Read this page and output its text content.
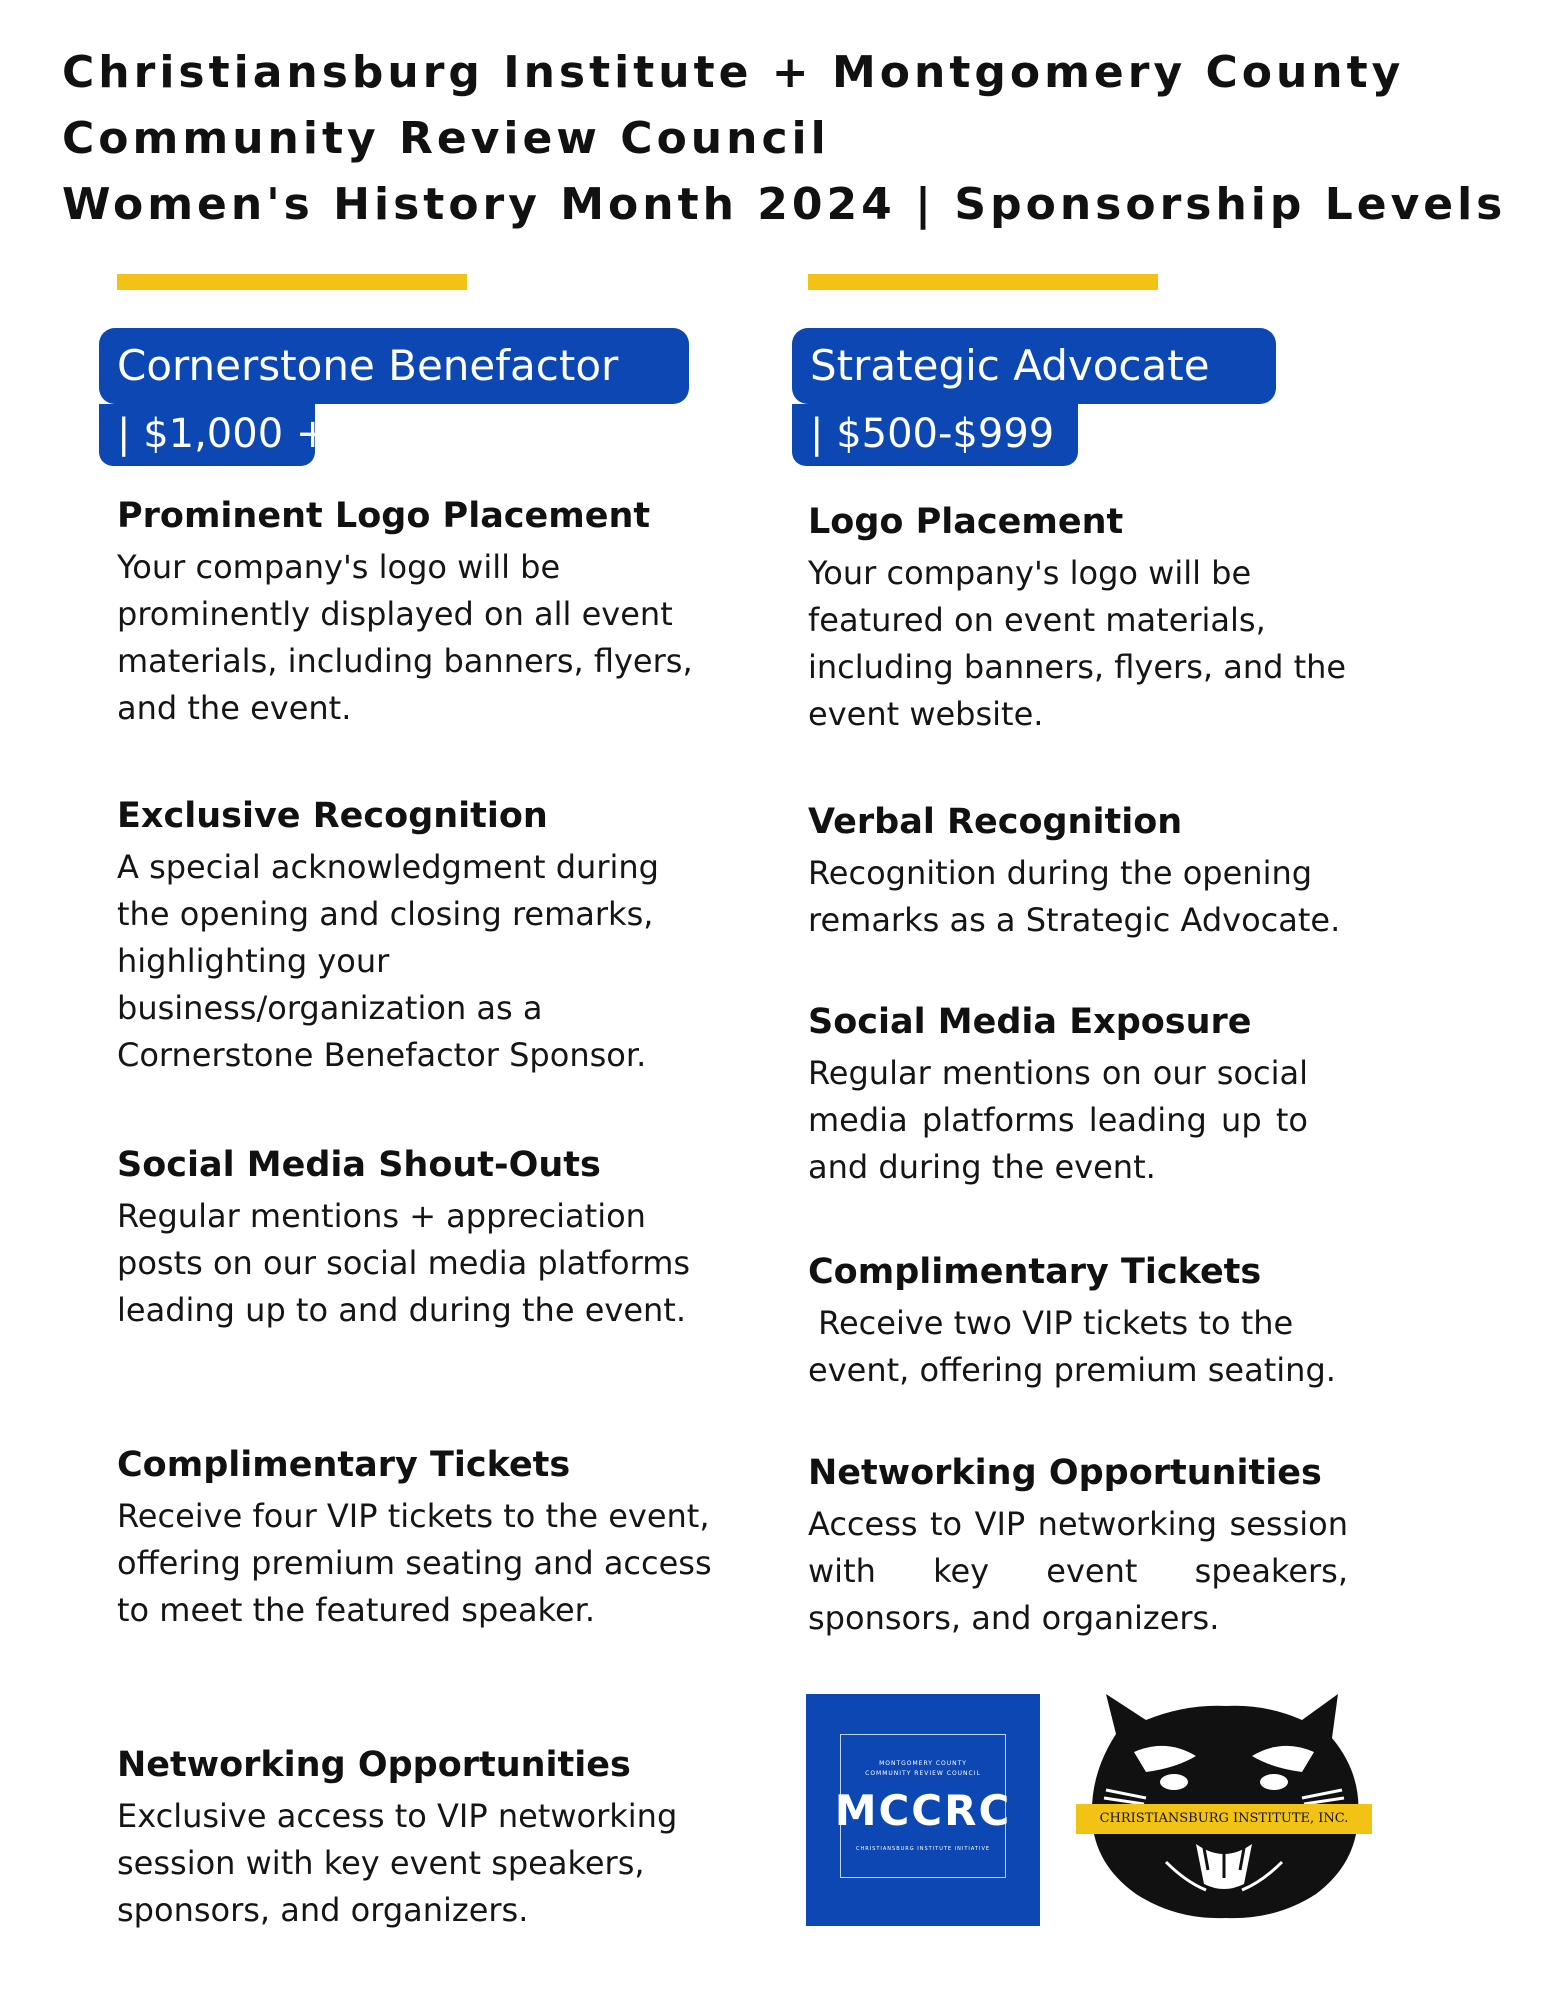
Christiansburg Institute + Montgomery County
Community Review Council
Women's History Month 2024 | Sponsorship Levels
Cornerstone Benefactor
| $1,000 +
Strategic Advocate
| $500-$999
Prominent Logo Placement

Your company's logo will be prominently displayed on all event materials, including banners, flyers, and the event.

Exclusive Recognition

A special acknowledgment during the opening and closing remarks, highlighting your business/organization as a Cornerstone Benefactor Sponsor.

Social Media Shout-Outs

Regular mentions + appreciation posts on our social media platforms leading up to and during the event.

Complimentary Tickets

Receive four VIP tickets to the event, offering premium seating and access to meet the featured speaker.

Networking Opportunities

Exclusive access to VIP networking session with key event speakers, sponsors, and organizers.

Logo Placement

Your company's logo will be featured on event materials, including banners, flyers, and the event website.

Verbal Recognition

Recognition during the opening remarks as a Strategic Advocate.

Social Media Exposure

Regular mentions on our social media platforms leading up to and during the event.

Complimentary Tickets

Receive two VIP tickets to the event, offering premium seating.

Networking Opportunities

Access to VIP networking session with key event speakers, sponsors, and organizers.

MONTGOMERY COUNTY
COMMUNITY REVIEW COUNCIL
MCCRC
CHRISTIANSBURG INSTITUTE INITIATIVE
CHRISTIANSBURG INSTITUTE, INC.
